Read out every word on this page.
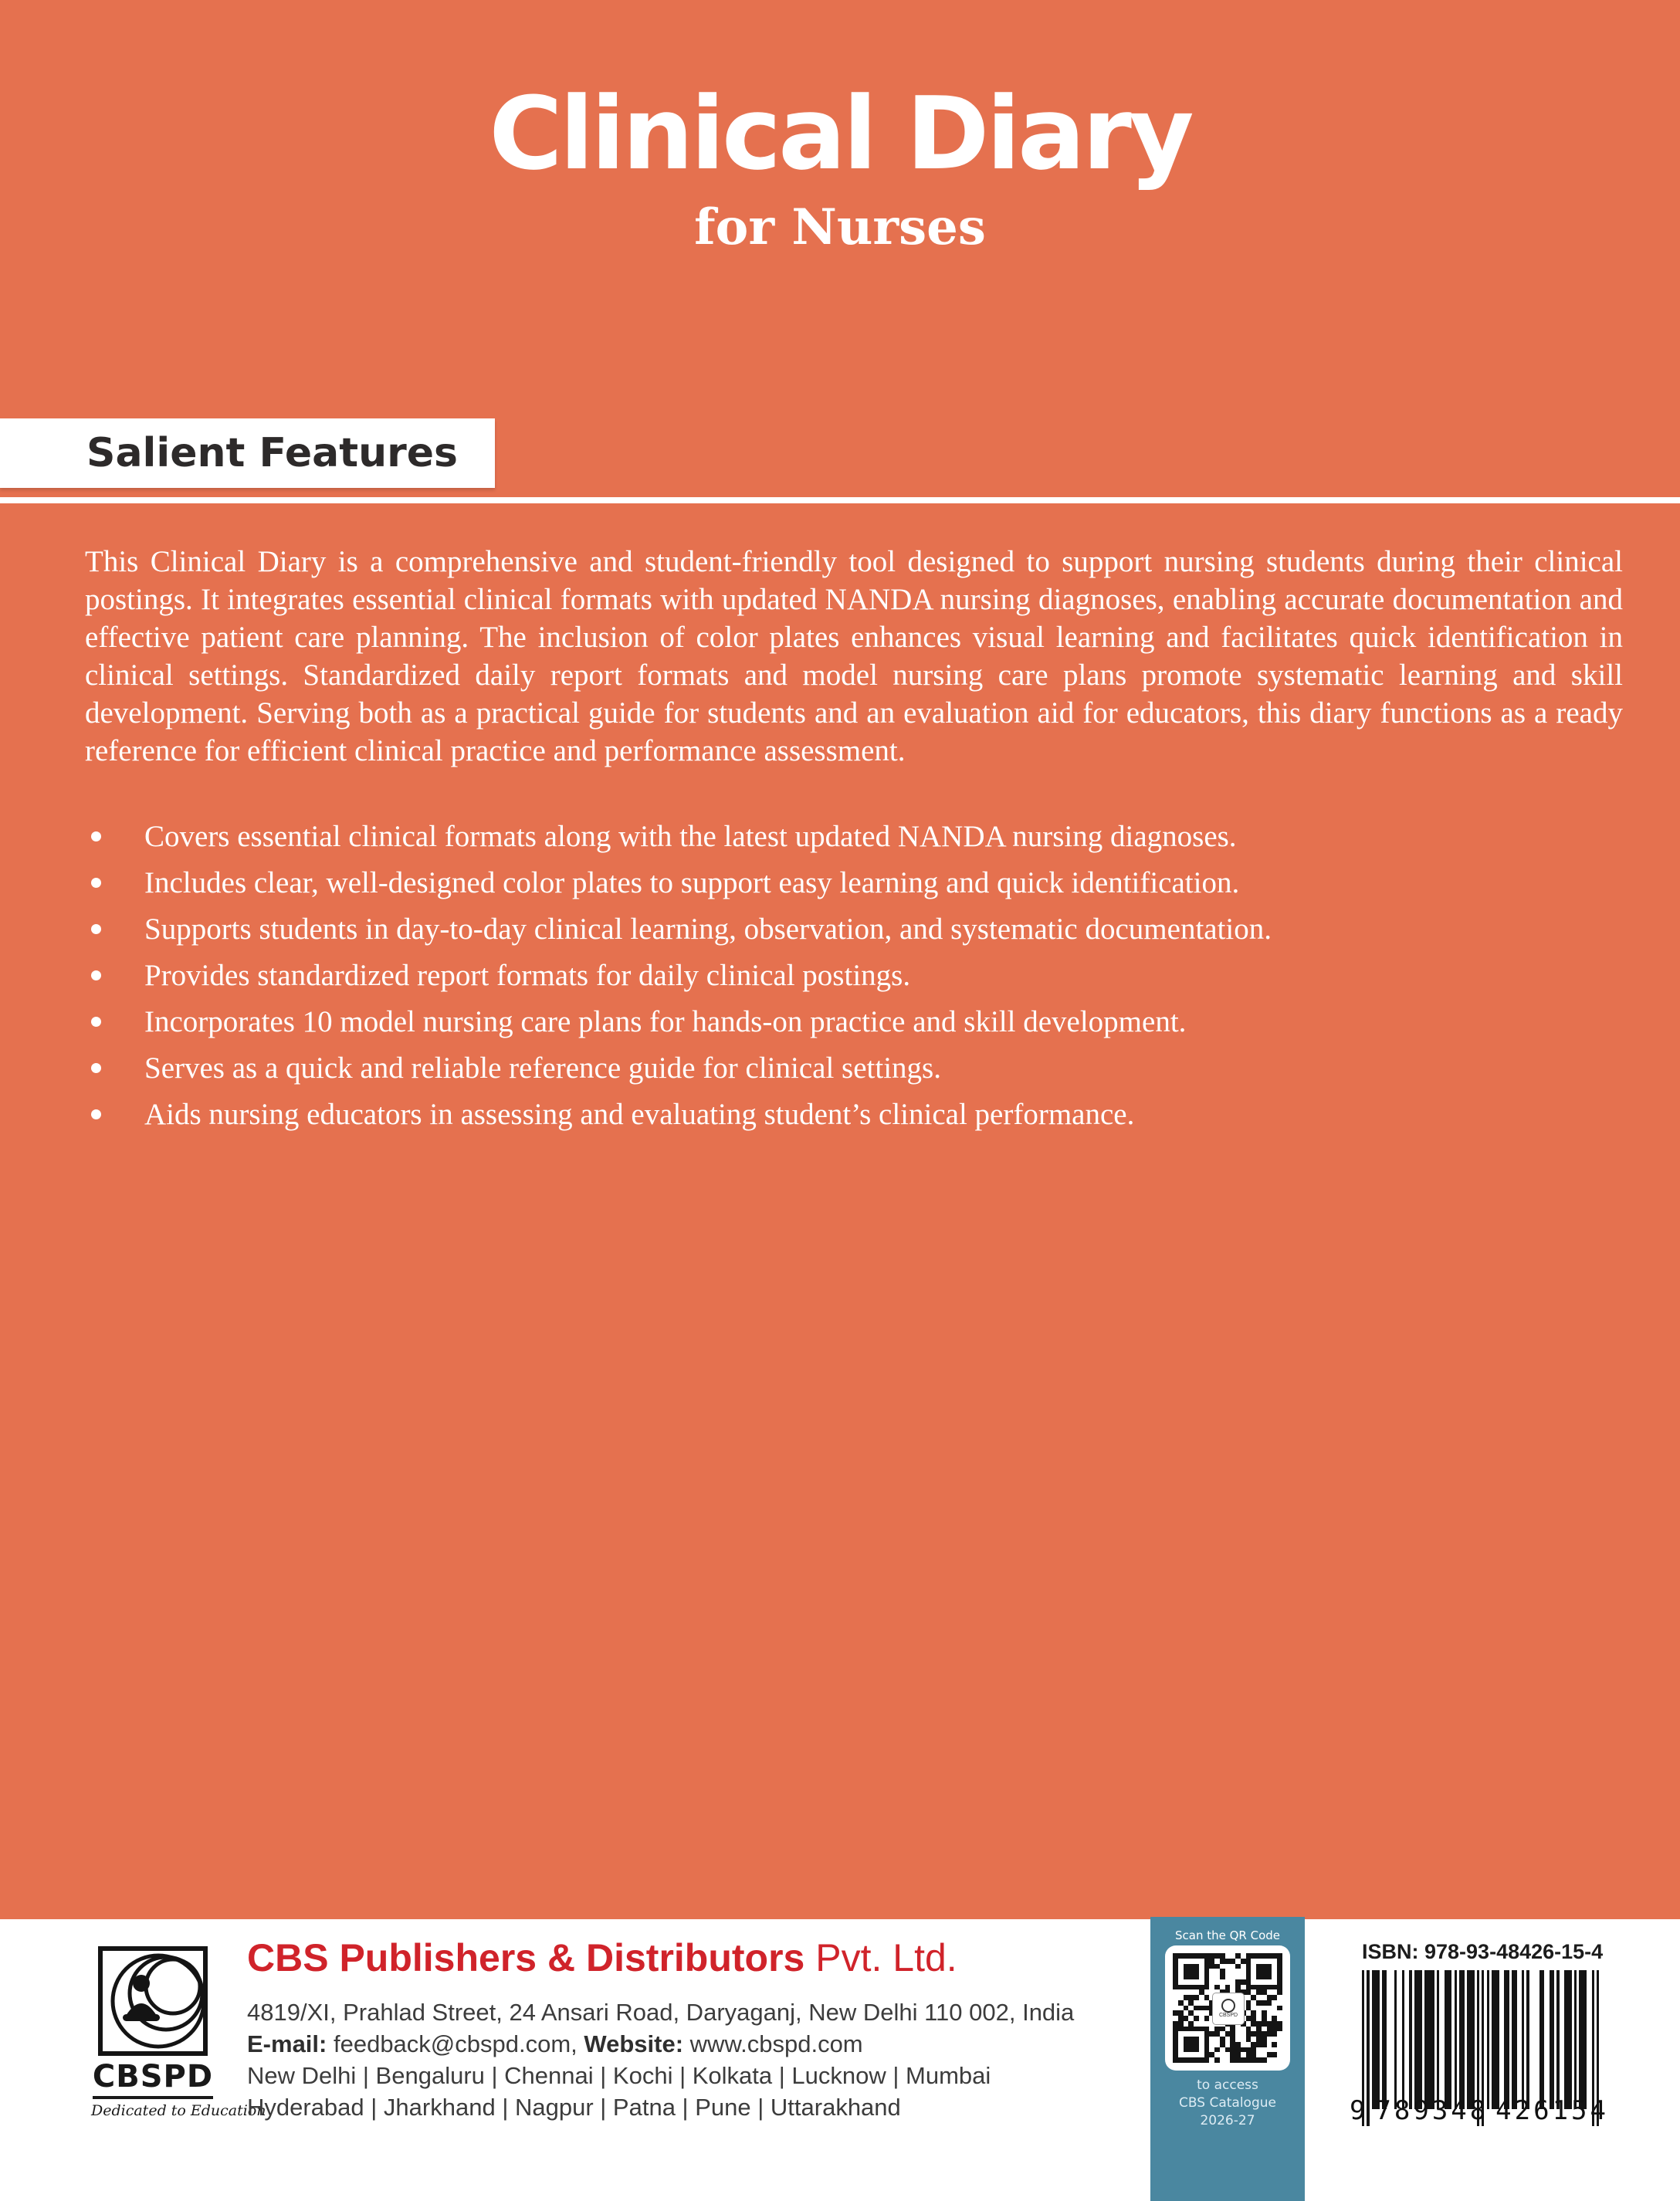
Clinical Diary
for Nurses
Salient Features

This Clinical Diary is a comprehensive and student-friendly tool designed to support nursing students during their clinical postings. It integrates essential clinical formats with updated NANDA nursing diagnoses, enabling accurate documentation and effective patient care planning. The inclusion of color plates enhances visual learning and facilitates quick identification in clinical settings. Standardized daily report formats and model nursing care plans promote systematic learning and skill development. Serving both as a practical guide for students and an evaluation aid for educators, this diary functions as a ready reference for efficient clinical practice and performance assessment.

Covers essential clinical formats along with the latest updated NANDA nursing diagnoses.
Includes clear, well-designed color plates to support easy learning and quick identification.
Supports students in day-to-day clinical learning, observation, and systematic documentation.
Provides standardized report formats for daily clinical postings.
Incorporates 10 model nursing care plans for hands-on practice and skill development.
Serves as a quick and reliable reference guide for clinical settings.
Aids nursing educators in assessing and evaluating student’s clinical performance.
CBSPD
Dedicated to Education
CBS Publishers & Distributors Pvt. Ltd.
4819/XI, Prahlad Street, 24 Ansari Road, Daryaganj, New Delhi 110 002, India
E-mail: feedback@cbspd.com, Website: www.cbspd.com
New Delhi | Bengaluru | Chennai | Kochi | Kolkata | Lucknow | Mumbai
Hyderabad | Jharkhand | Nagpur | Patna | Pune | Uttarakhand
Scan the QR Code
CBSPD
to access
CBS Catalogue
2026-27
ISBN: 978-93-48426-15-4
9 789348 426154
